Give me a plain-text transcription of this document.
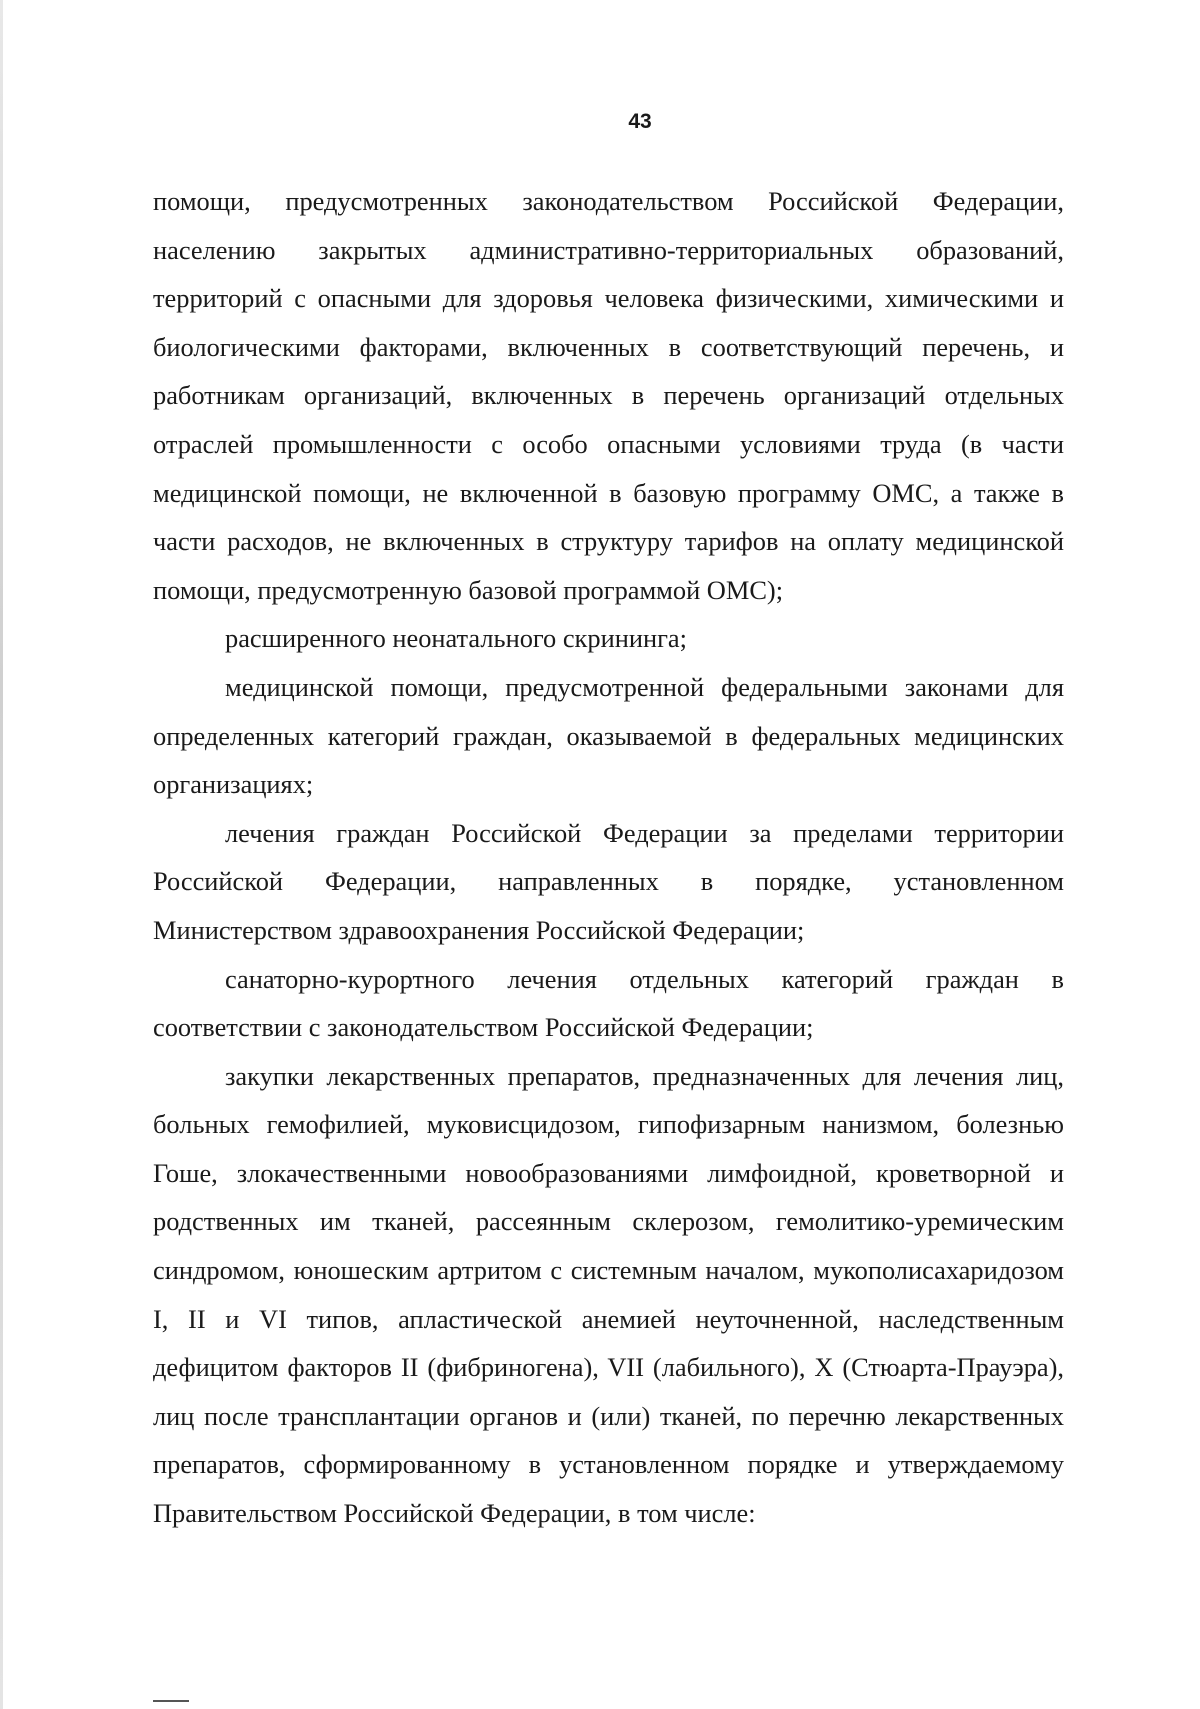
43

помощи, предусмотренных законодательством Российской Федерации, населению закрытых административно-территориальных образований, территорий с опасными для здоровья человека физическими, химическими и биологическими факторами, включенных в соответствующий перечень, и работникам организаций, включенных в перечень организаций отдельных отраслей промышленности с особо опасными условиями труда (в части медицинской помощи, не включенной в базовую программу ОМС, а также в части расходов, не включенных в структуру тарифов на оплату медицинской помощи, предусмотренную базовой программой ОМС);

расширенного неонатального скрининга;

медицинской помощи, предусмотренной федеральными законами для определенных категорий граждан, оказываемой в федеральных медицинских организациях;

лечения граждан Российской Федерации за пределами территории Российской Федерации, направленных в порядке, установленном Министерством здравоохранения Российской Федерации;

санаторно-курортного лечения отдельных категорий граждан в соответствии с законодательством Российской Федерации;

закупки лекарственных препаратов, предназначенных для лечения лиц, больных гемофилией, муковисцидозом, гипофизарным нанизмом, болезнью Гоше, злокачественными новообразованиями лимфоидной, кроветворной и родственных им тканей, рассеянным склерозом, гемолитико-уремическим синдромом, юношеским артритом с системным началом, мукополисахаридозом I, II и VI типов, апластической анемией неуточненной, наследственным дефицитом факторов II (фибриногена), VII (лабильного), X (Стюарта-Прауэра), лиц после трансплантации органов и (или) тканей, по перечню лекарственных препаратов, сформированному в установленном порядке и утверждаемому Правительством Российской Федерации, в том числе:
